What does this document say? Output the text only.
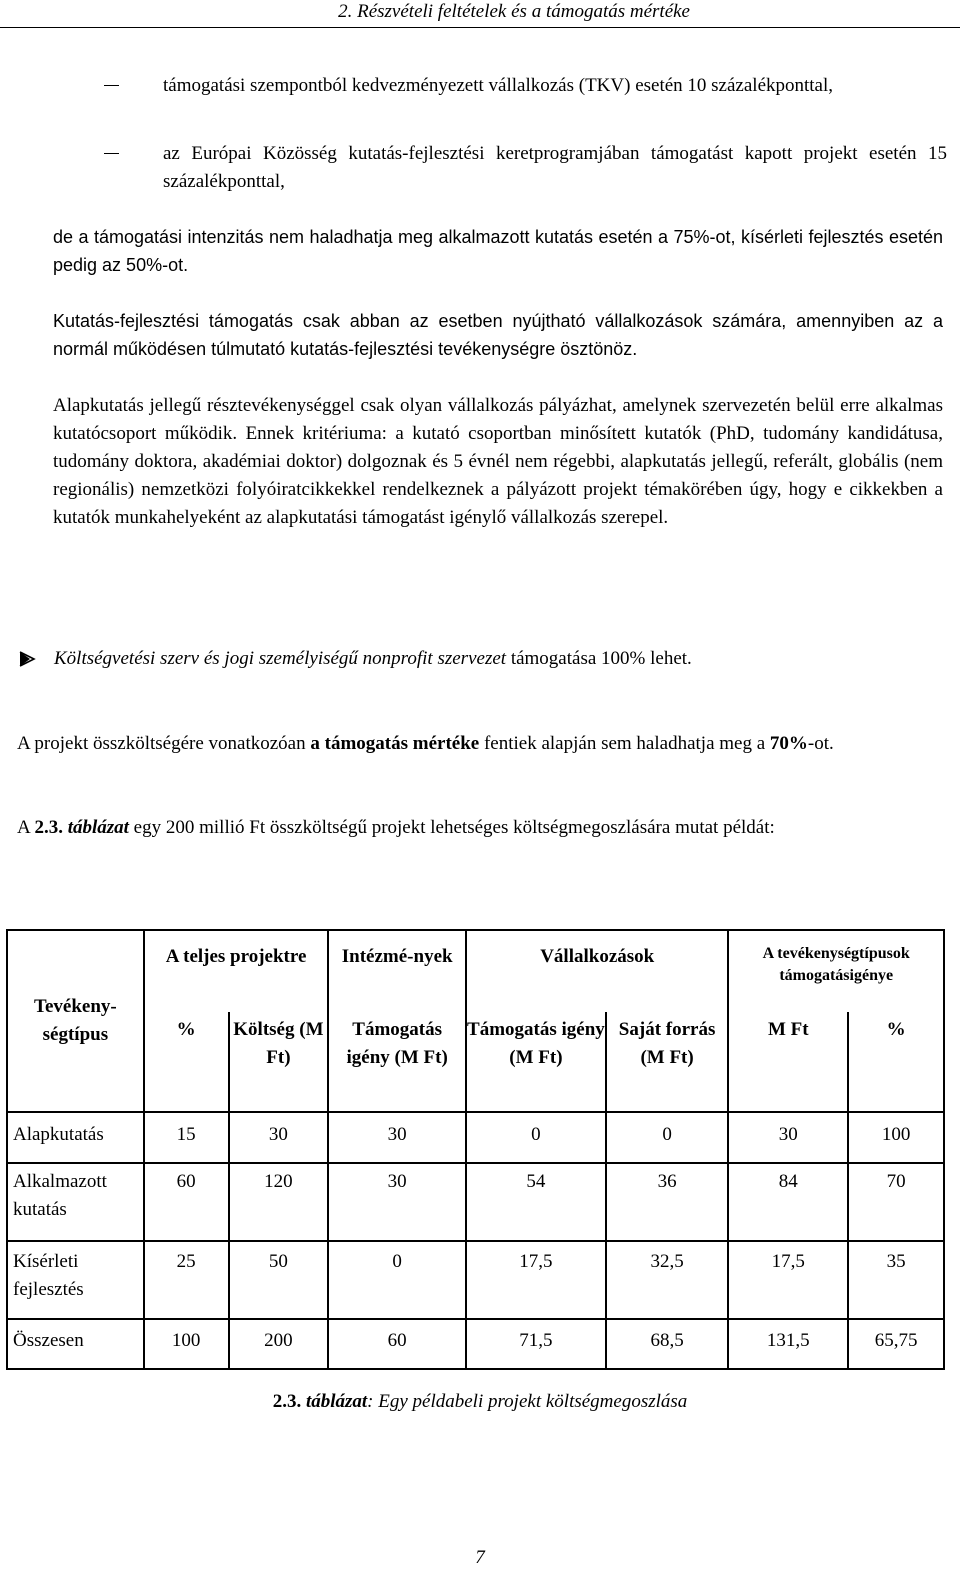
2. Részvételi feltételek és a támogatás mértéke
támogatási szempontból kedvezményezett vállalkozás (TKV) esetén 10 százalékponttal,
az Európai Közösség kutatás-fejlesztési keretprogramjában támogatást kapott projekt esetén 15 százalékponttal,
de a támogatási intenzitás nem haladhatja meg alkalmazott kutatás esetén a 75%-ot, kísérleti fejlesztés esetén pedig az 50%-ot.
Kutatás-fejlesztési támogatás csak abban az esetben nyújtható vállalkozások számára, amennyiben az a normál működésen túlmutató kutatás-fejlesztési tevékenységre ösztönöz.
Alapkutatás jellegű résztevékenységgel csak olyan vállalkozás pályázhat, amelynek szervezetén belül erre alkalmas kutatócsoport működik. Ennek kritériuma: a kutató csoportban minősített kutatók (PhD, tudomány kandidátusa, tudomány doktora, akadémiai doktor) dolgoznak és 5 évnél nem régebbi, alapkutatás jellegű, referált, globális (nem regionális) nemzetközi folyóiratcikkekkel rendelkeznek a pályázott projekt témakörében úgy, hogy e cikkekben a kutatók munkahelyeként az alapkutatási támogatást igénylő vállalkozás szerepel.
Költségvetési szerv és jogi személyiségű nonprofit szervezet támogatása 100% lehet.
A projekt összköltségére vonatkozóan a támogatás mértéke fentiek alapján sem haladhatja meg a 70%-ot.
A 2.3. táblázat egy 200 millió Ft összköltségű projekt lehetséges költségmegoszlására mutat példát:
Tevékeny-ségtípus	A teljes projektre		Intézmé-nyek	Vállalkozások		A tevékenységtípusok támogatásigénye	
	%	Költség (M Ft)	Támogatás igény (M Ft)	Támogatás igény (M Ft)	Saját forrás (M Ft)	M Ft	%
Alapkutatás	15	30	30	0	0	30	100
Alkalmazott kutatás	60	120	30	54	36	84	70
Kísérleti fejlesztés	25	50	0	17,5	32,5	17,5	35
Összesen	100	200	60	71,5	68,5	131,5	65,75
2.3. táblázat: Egy példabeli projekt költségmegoszlása
7
